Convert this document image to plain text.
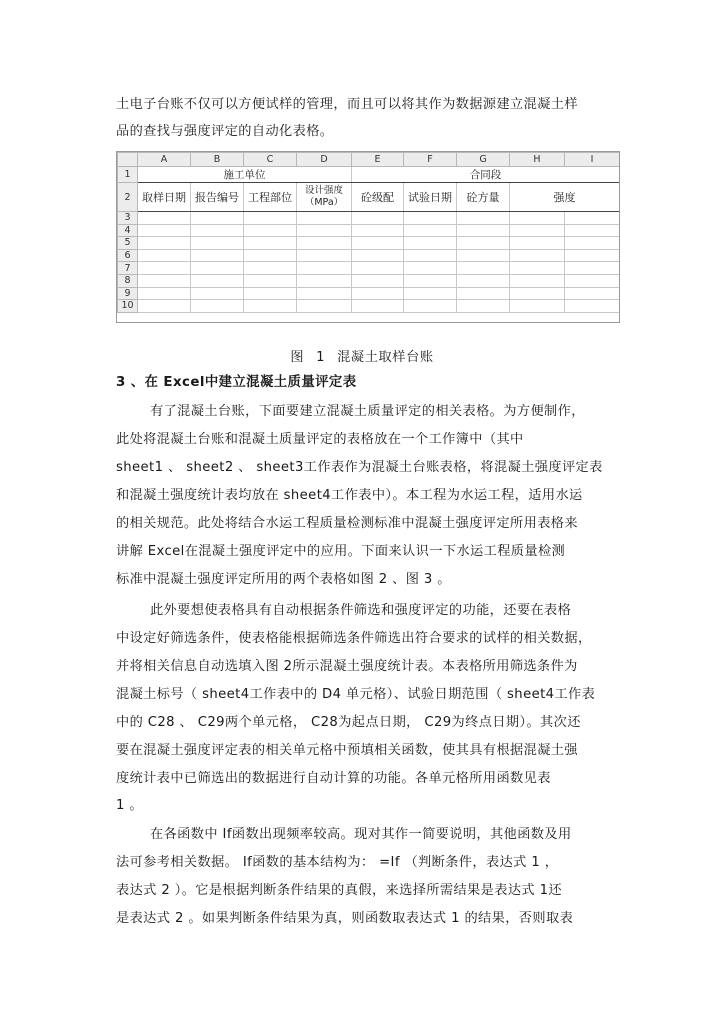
土电子台账不仅可以方便试样的管理，而且可以将其作为数据源建立混凝土样
品的查找与强度评定的自动化表格。
	A	B	C	D	E	F	G	H	I
1	施工单位				合同段				
2	取样日期	报告编号	工程部位	设计强度
（MPa）	砼级配	试验日期	砼方量	强度	
3									
4									
5									
6									
7									
8									
9									
10									
图 1 混凝土取样台账
3 、在 Excel中建立混凝土质量评定表
有了混凝土台账，下面要建立混凝土质量评定的相关表格。为方便制作，
此处将混凝土台账和混凝土质量评定的表格放在一个工作簿中（其中
sheet1 、 sheet2 、 sheet3工作表作为混凝土台账表格，将混凝土强度评定表
和混凝土强度统计表均放在 sheet4工作表中）。本工程为水运工程，适用水运
的相关规范。此处将结合水运工程质量检测标准中混凝土强度评定所用表格来
讲解 Excel在混凝土强度评定中的应用。下面来认识一下水运工程质量检测
标准中混凝土强度评定所用的两个表格如图 2 、图 3 。
此外要想使表格具有自动根据条件筛选和强度评定的功能，还要在表格
中设定好筛选条件，使表格能根据筛选条件筛选出符合要求的试样的相关数据，
并将相关信息自动选填入图 2所示混凝土强度统计表。本表格所用筛选条件为
混凝土标号（ sheet4工作表中的 D4 单元格）、试验日期范围（ sheet4工作表
中的 C28 、 C29两个单元格， C28为起点日期， C29为终点日期）。其次还
要在混凝土强度评定表的相关单元格中预填相关函数，使其具有根据混凝土强
度统计表中已筛选出的数据进行自动计算的功能。各单元格所用函数见表
1 。
在各函数中 If函数出现频率较高。现对其作一简要说明，其他函数及用
法可参考相关数据。 If函数的基本结构为： =If （判断条件，表达式 1 ，
表达式 2 ）。它是根据判断条件结果的真假，来选择所需结果是表达式 1还
是表达式 2 。如果判断条件结果为真，则函数取表达式 1 的结果，否则取表
